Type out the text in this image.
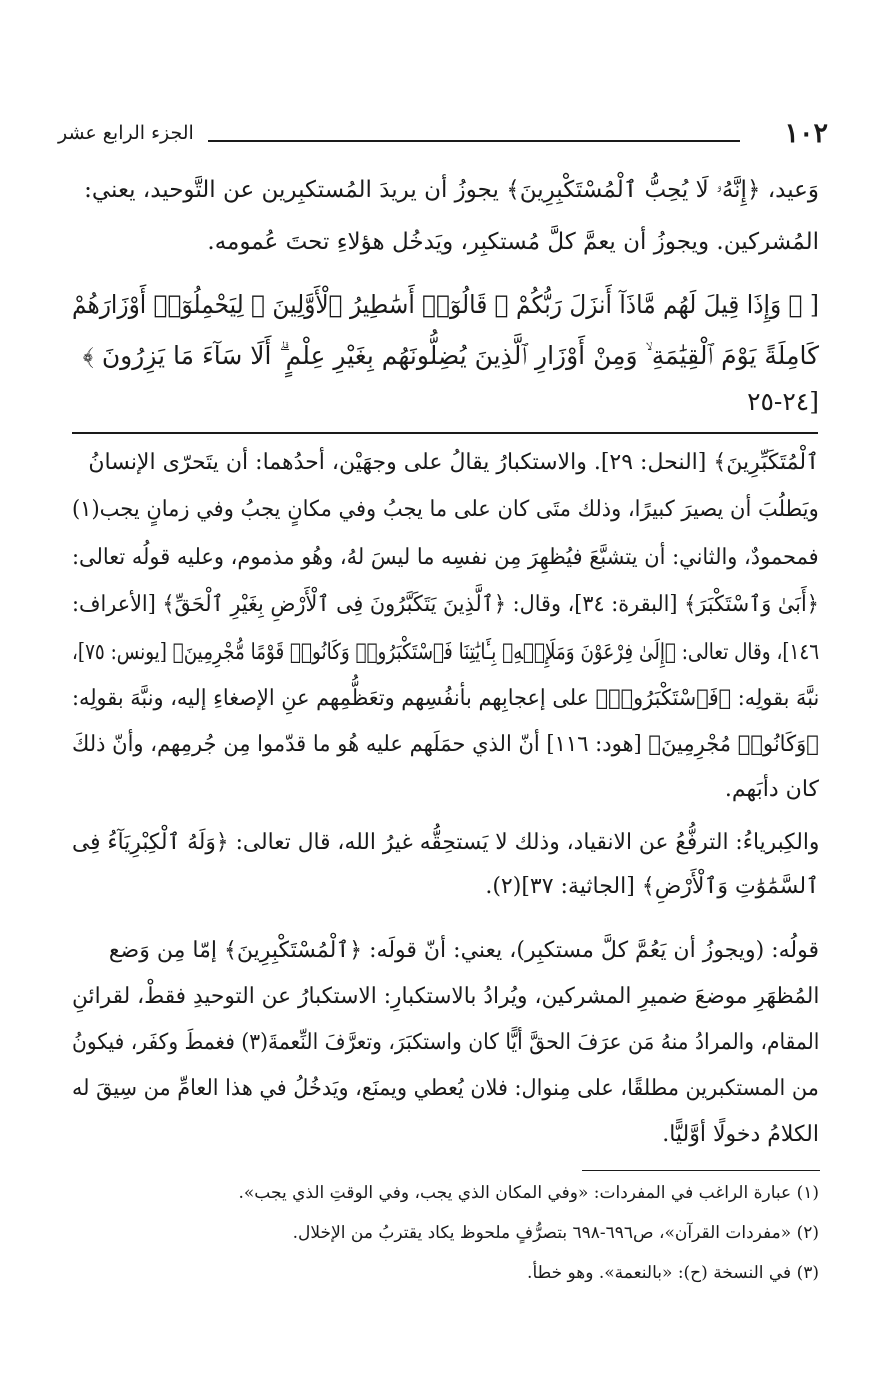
١٠٢
الجزء الرابع عشر
وَعيد، ﴿إِنَّهُۥ لَا يُحِبُّ ٱلْمُسْتَكْبِرِينَ﴾ يجوزُ أن يريدَ المُستكبِرين عن التَّوحيد، يعني:
المُشركين. ويجوزُ أن يعمَّ كلَّ مُستكبِر، ويَدخُل هؤلاءِ تحتَ عُمومه.
[ ﴿ وَإِذَا قِيلَ لَهُم مَّاذَآ أَنزَلَ رَبُّكُمْ ۙ قَالُوٓا۟ أَسَٰطِيرُ ٱلْأَوَّلِينَ ۞ لِيَحْمِلُوٓا۟ أَوْزَارَهُمْ
كَامِلَةً يَوْمَ ٱلْقِيَٰمَةِ ۙ وَمِنْ أَوْزَارِ ٱلَّذِينَ يُضِلُّونَهُم بِغَيْرِ عِلْمٍ ۗ أَلَا سَآءَ مَا يَزِرُونَ ﴾
[٢٤-٢٥
ٱلْمُتَكَبِّرِينَ﴾ [النحل: ٢٩]. والاستكبارُ يقالُ على وجهَيْن، أحدُهما: أن يتَحرّى الإنسانُ
ويَطلُبَ أن يصيرَ كبيرًا، وذلك متَى كان على ما يجبُ وفي مكانٍ يجبُ وفي زمانٍ يجب(١)
فمحمودٌ، والثاني: أن يتشبَّعَ فيُظهِرَ مِن نفسِه ما ليسَ لهُ، وهُو مذموم، وعليه قولُه تعالى:
﴿أَبَىٰ وَٱسْتَكْبَرَ﴾ [البقرة: ٣٤]، وقال: ﴿ٱلَّذِينَ يَتَكَبَّرُونَ فِى ٱلْأَرْضِ بِغَيْرِ ٱلْحَقِّ﴾ [الأعراف:
١٤٦]، وقال تعالى: ﴿إِلَىٰ فِرْعَوْنَ وَمَلَإِي۟هِۦ بِـَٔايَٰتِنَا فَٱسْتَكْبَرُوا۟ وَكَانُوا۟ قَوْمًا مُّجْرِمِينَ﴾ [يونس: ٧٥]،
نبَّهَ بقولِه: ﴿فَٱسْتَكْبَرُوا۟﴾ على إعجابِهم بأنفُسِهم وتعَظُّمِهم عنِ الإصغاءِ إليه، ونبَّهَ بقولِه:
﴿وَكَانُوا۟ مُجْرِمِينَ﴾ [هود: ١١٦] أنّ الذي حمَلَهم عليه هُو ما قدّموا مِن جُرمِهم، وأنّ ذلكَ
كان دأبَهم.
والكِبرياءُ: الترفُّعُ عن الانقياد، وذلك لا يَستحِقُّه غيرُ الله، قال تعالى: ﴿وَلَهُ ٱلْكِبْرِيَآءُ فِى
ٱلسَّمَٰوَٰتِ وَٱلْأَرْضِ﴾ [الجاثية: ٣٧](٢).
قولُه: (ويجوزُ أن يَعُمَّ كلَّ مستكبِر)، يعني: أنّ قولَه: ﴿ٱلْمُسْتَكْبِرِينَ﴾ إمّا مِن وَضع
المُظهَرِ موضعَ ضميرِ المشركين، ويُرادُ بالاستكبارِ: الاستكبارُ عن التوحيدِ فقطْ، لقرائنِ
المقام، والمرادُ منهُ مَن عرَفَ الحقَّ أيًّا كان واستكبَرَ، وتعرَّفَ النِّعمةَ(٣) فغمطَ وكفَر، فيكونُ
من المستكبرين مطلقًا، على مِنوال: فلان يُعطي ويمنَع، ويَدخُلُ في هذا العامِّ من سِيقَ له
الكلامُ دخولًا أوَّليًّا.
(١) عبارة الراغب في المفردات: «وفي المكان الذي يجب، وفي الوقتِ الذي يجب».
(٢) «مفردات القرآن»، ص٦٩٦-٦٩٨ بتصرُّفٍ ملحوظ يكاد يقتربُ من الإخلال.
(٣) في النسخة (ح): «بالنعمة». وهو خطأ.
